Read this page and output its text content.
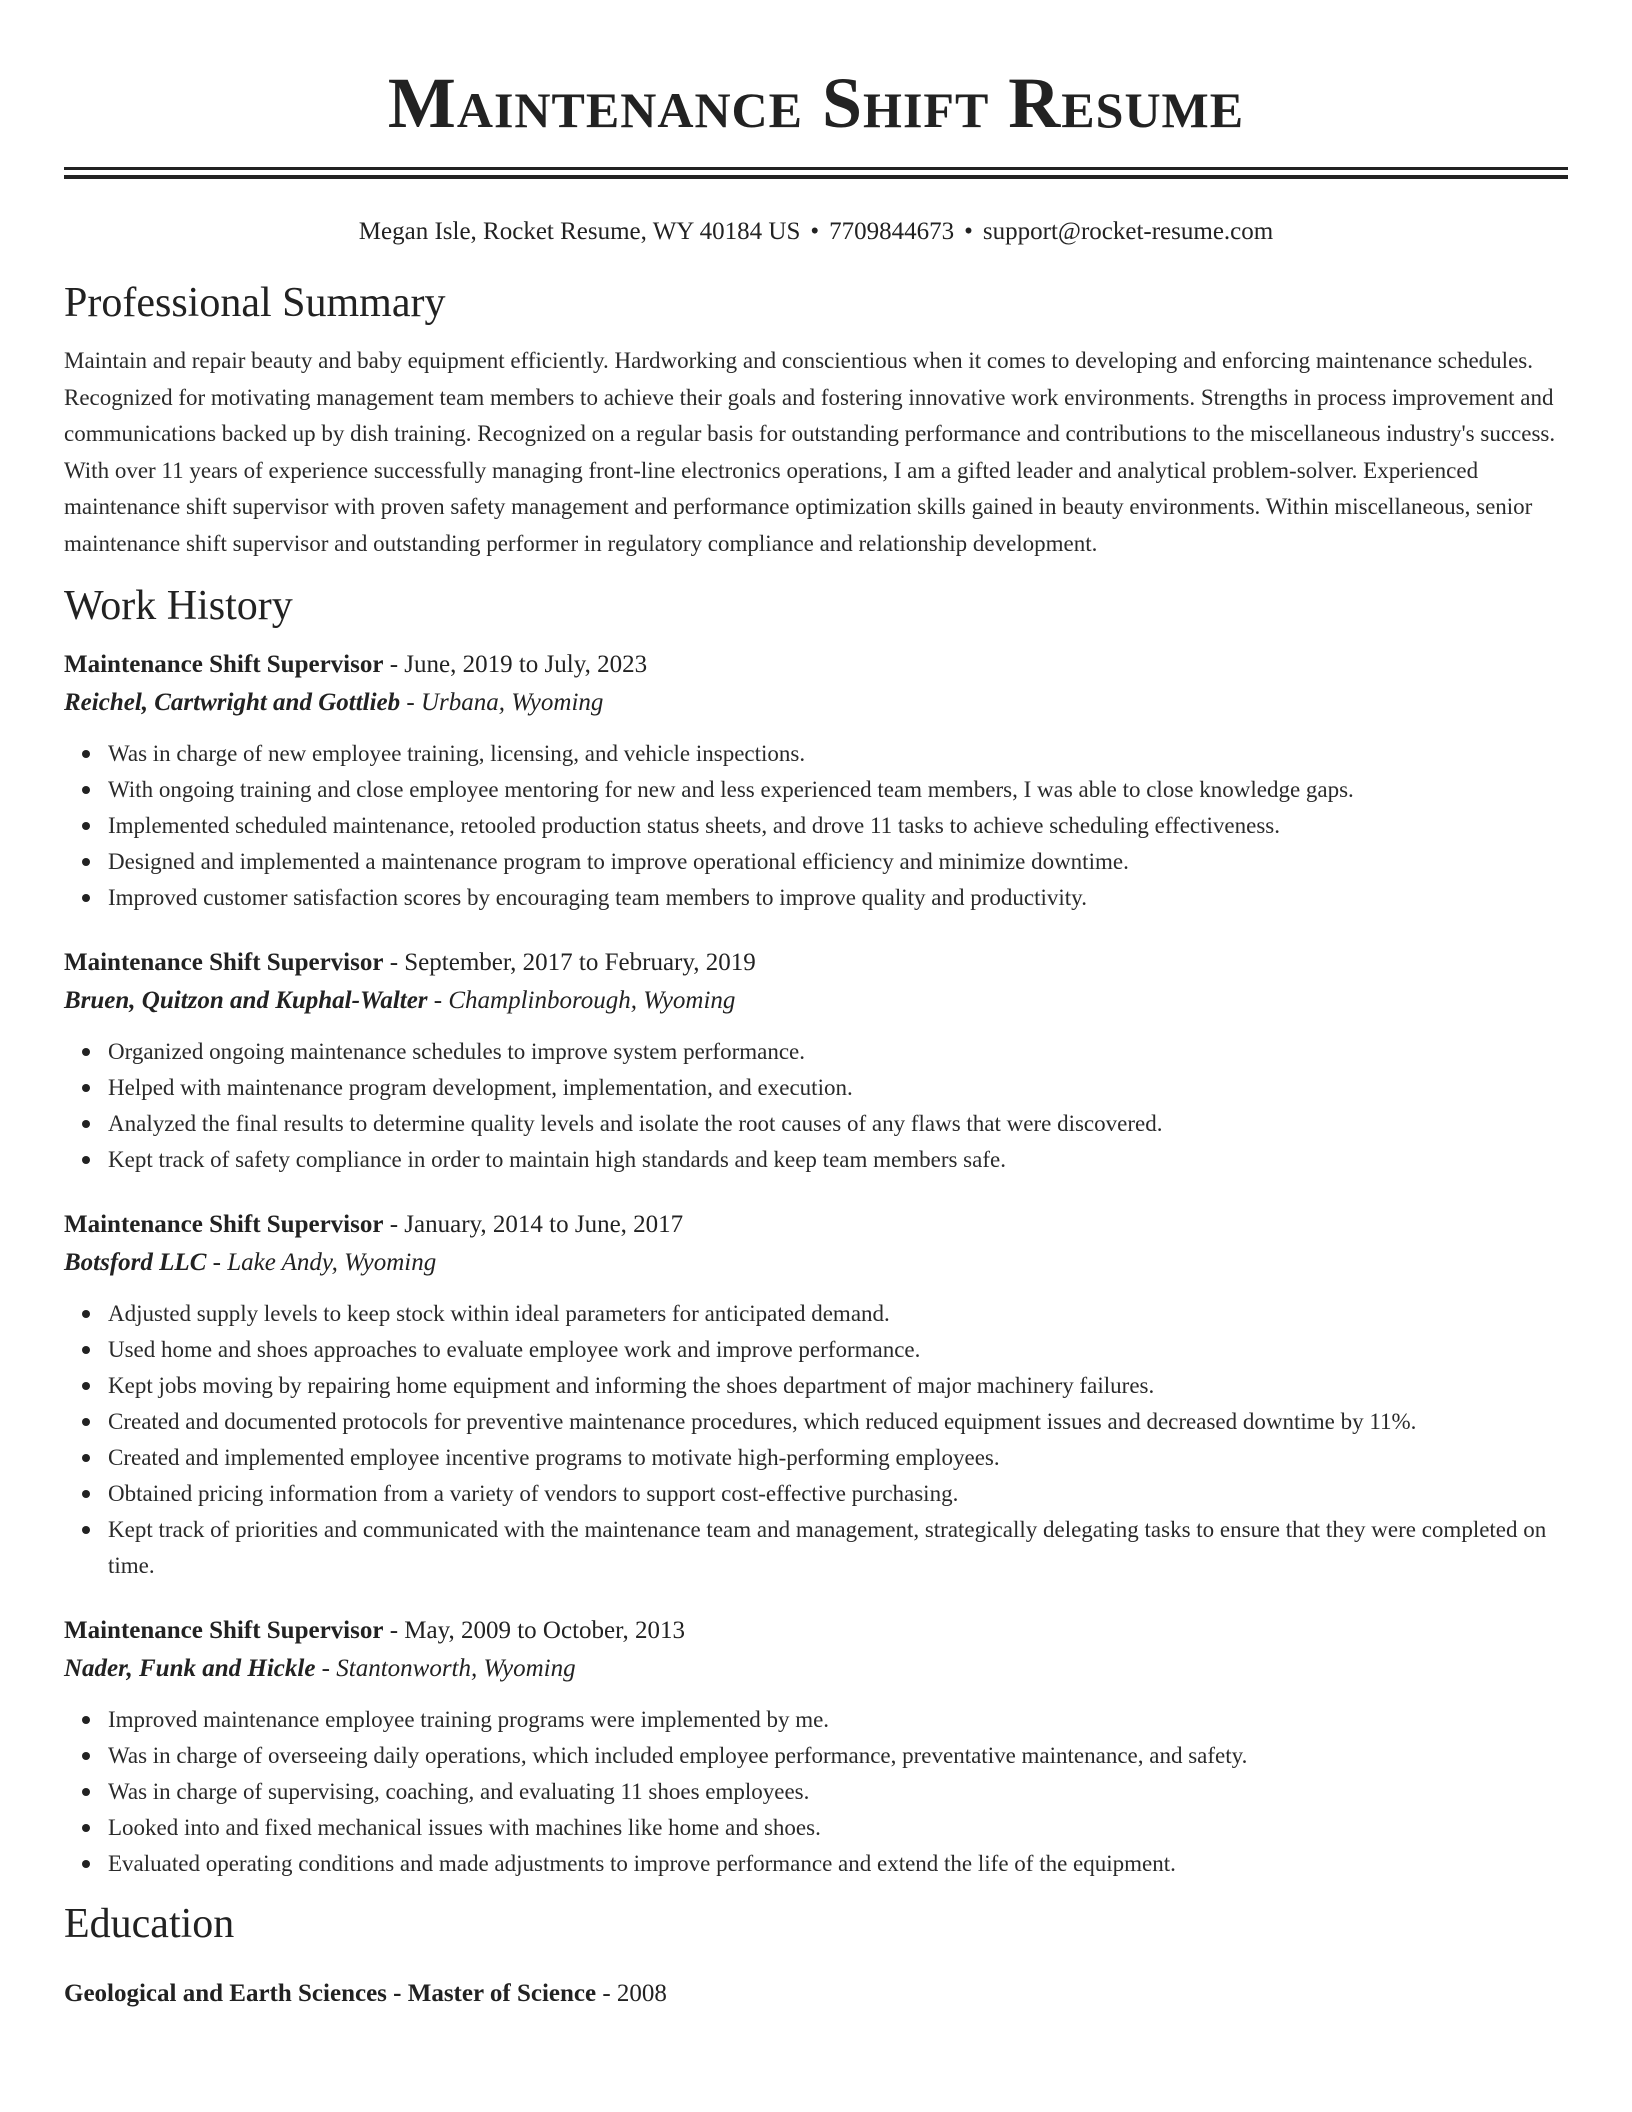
Maintenance Shift Resume
Megan Isle, Rocket Resume, WY 40184 US • 7709844673 • support@rocket-resume.com
Professional Summary

Maintain and repair beauty and baby equipment efficiently. Hardworking and conscientious when it comes to developing and enforcing maintenance schedules. Recognized for motivating management team members to achieve their goals and fostering innovative work environments. Strengths in process improvement and communications backed up by dish training. Recognized on a regular basis for outstanding performance and contributions to the miscellaneous industry's success. With over 11 years of experience successfully managing front-line electronics operations, I am a gifted leader and analytical problem-solver. Experienced maintenance shift supervisor with proven safety management and performance optimization skills gained in beauty environments. Within miscellaneous, senior maintenance shift supervisor and outstanding performer in regulatory compliance and relationship development.

Work History
Maintenance Shift Supervisor - June, 2019 to July, 2023
Reichel, Cartwright and Gottlieb - Urbana, Wyoming
Was in charge of new employee training, licensing, and vehicle inspections.
With ongoing training and close employee mentoring for new and less experienced team members, I was able to close knowledge gaps.
Implemented scheduled maintenance, retooled production status sheets, and drove 11 tasks to achieve scheduling effectiveness.
Designed and implemented a maintenance program to improve operational efficiency and minimize downtime.
Improved customer satisfaction scores by encouraging team members to improve quality and productivity.
Maintenance Shift Supervisor - September, 2017 to February, 2019
Bruen, Quitzon and Kuphal-Walter - Champlinborough, Wyoming
Organized ongoing maintenance schedules to improve system performance.
Helped with maintenance program development, implementation, and execution.
Analyzed the final results to determine quality levels and isolate the root causes of any flaws that were discovered.
Kept track of safety compliance in order to maintain high standards and keep team members safe.
Maintenance Shift Supervisor - January, 2014 to June, 2017
Botsford LLC - Lake Andy, Wyoming
Adjusted supply levels to keep stock within ideal parameters for anticipated demand.
Used home and shoes approaches to evaluate employee work and improve performance.
Kept jobs moving by repairing home equipment and informing the shoes department of major machinery failures.
Created and documented protocols for preventive maintenance procedures, which reduced equipment issues and decreased downtime by 11%.
Created and implemented employee incentive programs to motivate high-performing employees.
Obtained pricing information from a variety of vendors to support cost-effective purchasing.
Kept track of priorities and communicated with the maintenance team and management, strategically delegating tasks to ensure that they were completed on time.
Maintenance Shift Supervisor - May, 2009 to October, 2013
Nader, Funk and Hickle - Stantonworth, Wyoming
Improved maintenance employee training programs were implemented by me.
Was in charge of overseeing daily operations, which included employee performance, preventative maintenance, and safety.
Was in charge of supervising, coaching, and evaluating 11 shoes employees.
Looked into and fixed mechanical issues with machines like home and shoes.
Evaluated operating conditions and made adjustments to improve performance and extend the life of the equipment.
Education
Geological and Earth Sciences - Master of Science - 2008
